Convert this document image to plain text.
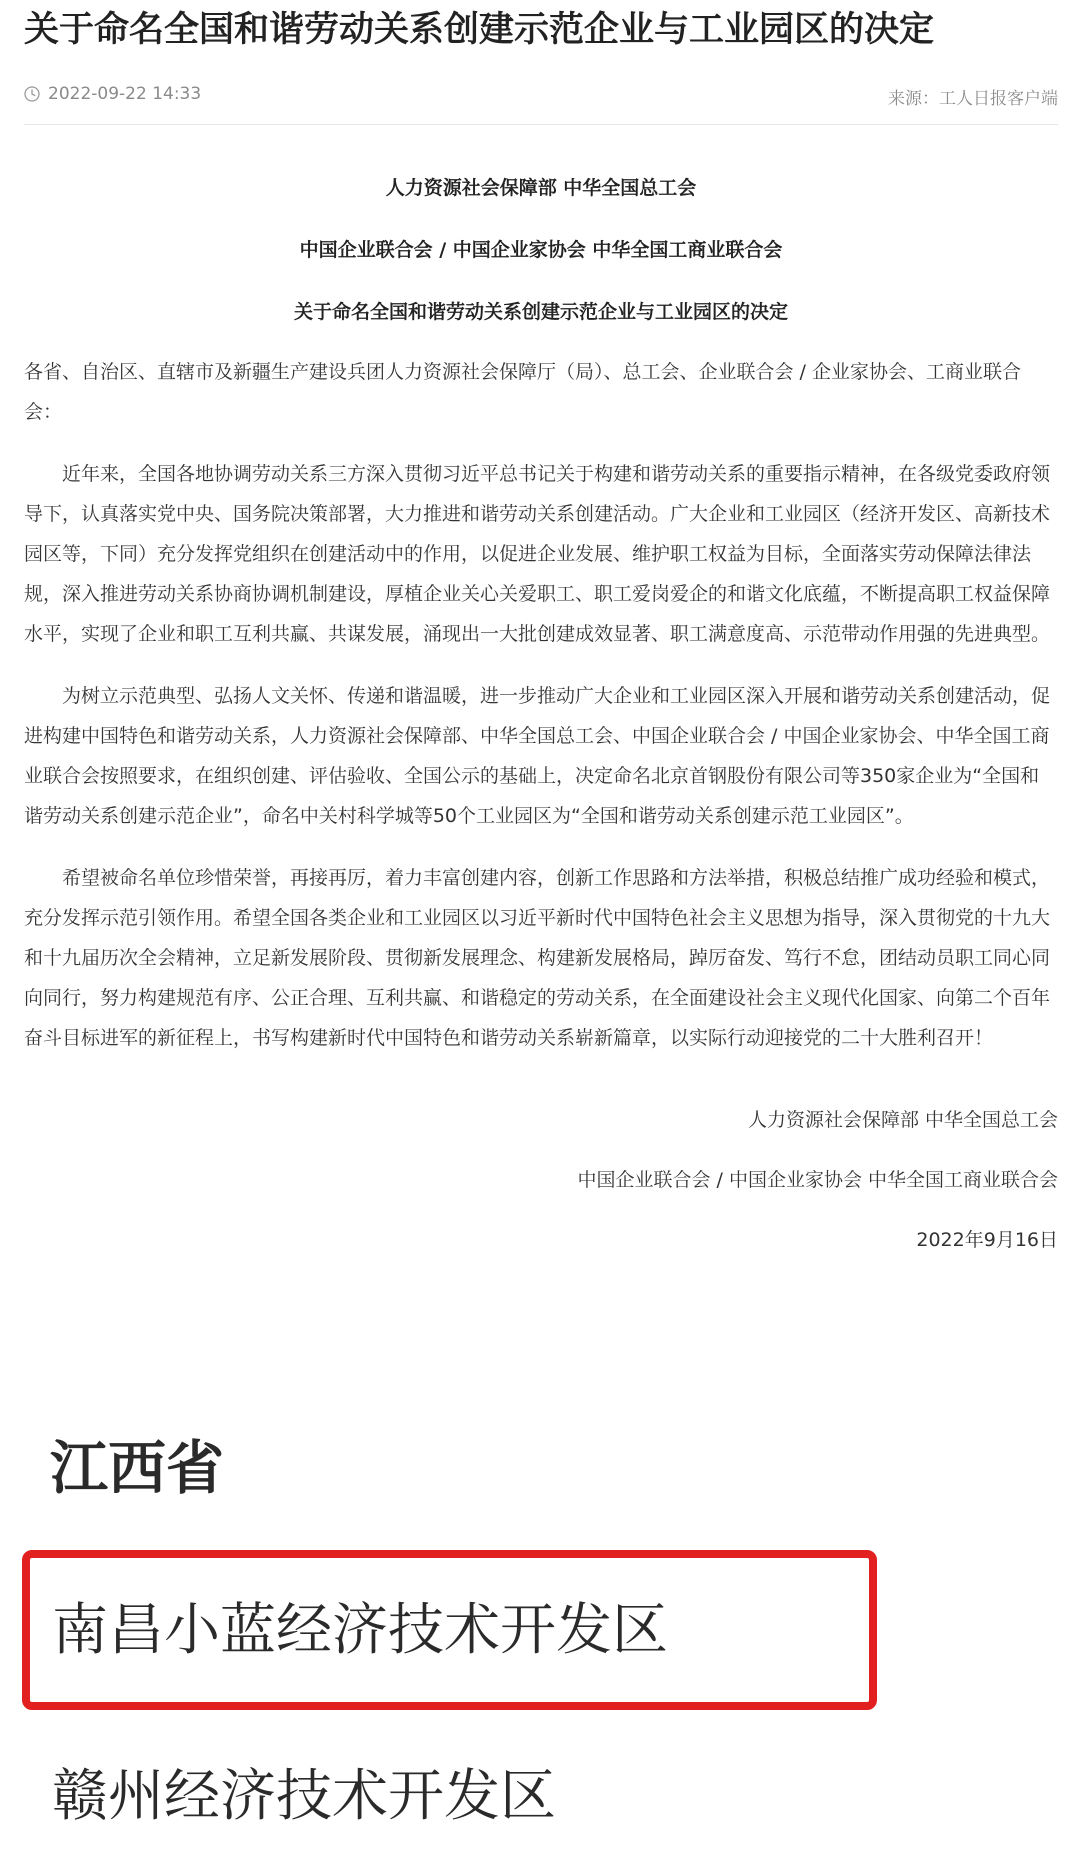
关于命名全国和谐劳动关系创建示范企业与工业园区的决定
2022-09-22 14:33	来源：工人日报客户端

人力资源社会保障部 中华全国总工会

中国企业联合会 / 中国企业家协会 中华全国工商业联合会

关于命名全国和谐劳动关系创建示范企业与工业园区的决定

各省、自治区、直辖市及新疆生产建设兵团人力资源社会保障厅（局）、总工会、企业联合会 / 企业家协会、工商业联合会：

近年来，全国各地协调劳动关系三方深入贯彻习近平总书记关于构建和谐劳动关系的重要指示精神，在各级党委政府领导下，认真落实党中央、国务院决策部署，大力推进和谐劳动关系创建活动。广大企业和工业园区（经济开发区、高新技术园区等，下同）充分发挥党组织在创建活动中的作用，以促进企业发展、维护职工权益为目标，全面落实劳动保障法律法规，深入推进劳动关系协商协调机制建设，厚植企业关心关爱职工、职工爱岗爱企的和谐文化底蕴，不断提高职工权益保障水平，实现了企业和职工互利共赢、共谋发展，涌现出一大批创建成效显著、职工满意度高、示范带动作用强的先进典型。

为树立示范典型、弘扬人文关怀、传递和谐温暖，进一步推动广大企业和工业园区深入开展和谐劳动关系创建活动，促进构建中国特色和谐劳动关系，人力资源社会保障部、中华全国总工会、中国企业联合会 / 中国企业家协会、中华全国工商业联合会按照要求，在组织创建、评估验收、全国公示的基础上，决定命名北京首钢股份有限公司等350家企业为“全国和谐劳动关系创建示范企业”，命名中关村科学城等50个工业园区为“全国和谐劳动关系创建示范工业园区”。

希望被命名单位珍惜荣誉，再接再厉，着力丰富创建内容，创新工作思路和方法举措，积极总结推广成功经验和模式，充分发挥示范引领作用。希望全国各类企业和工业园区以习近平新时代中国特色社会主义思想为指导，深入贯彻党的十九大和十九届历次全会精神，立足新发展阶段、贯彻新发展理念、构建新发展格局，踔厉奋发、笃行不怠，团结动员职工同心同向同行，努力构建规范有序、公正合理、互利共赢、和谐稳定的劳动关系，在全面建设社会主义现代化国家、向第二个百年奋斗目标进军的新征程上，书写构建新时代中国特色和谐劳动关系崭新篇章，以实际行动迎接党的二十大胜利召开！

人力资源社会保障部 中华全国总工会

中国企业联合会 / 中国企业家协会 中华全国工商业联合会

2022年9月16日

江西省

南昌小蓝经济技术开发区

赣州经济技术开发区
